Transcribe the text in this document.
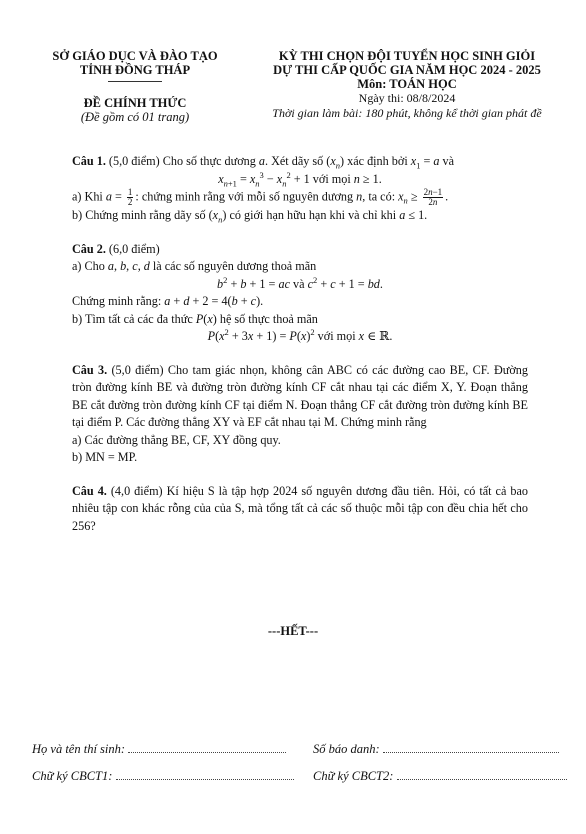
SỞ GIÁO DỤC VÀ ĐÀO TẠO
TỈNH ĐỒNG THÁP
ĐỀ CHÍNH THỨC
(Đề gồm có 01 trang)
KỲ THI CHỌN ĐỘI TUYỂN HỌC SINH GIỎI
DỰ THI CẤP QUỐC GIA NĂM HỌC 2024 - 2025
Môn: TOÁN HỌC
Ngày thi: 08/8/2024
Thời gian làm bài: 180 phút, không kể thời gian phát đề

Câu 1. (5,0 điểm) Cho số thực dương a. Xét dãy số $(x_n)$ xác định bởi $x_1 = a$ và

$x_{n+1} = x_n^3 - x_n^2 + 1$ với mọi n ≥ 1.

a) Khi $a = \frac{1}{2}$ : chứng minh rằng với mỗi số nguyên dương n, ta có: $x_n \ge \frac{2n-1}{2n}$ .

b) Chứng minh rằng dãy số $(x_n)$ có giới hạn hữu hạn khi và chỉ khi a ≤ 1.

Câu 2. (6,0 điểm)

a) Cho a, b, c, d là các số nguyên dương thoả mãn

$b^2 + b + 1$ = ac và $c^2 + c + 1$ = bd.

Chứng minh rằng: a + d + 2 = 4(b + c).

b) Tìm tất cả các đa thức P(x) hệ số thực thoả mãn

$P(x^2 + 3x + 1) = P(x)^2$ với mọi x ∈ ℝ.

Câu 3. (5,0 điểm) Cho tam giác nhọn, không cân ABC có các đường cao BE, CF. Đường tròn đường kính BE và đường tròn đường kính CF cắt nhau tại các điểm X, Y. Đoạn thẳng BE cắt đường tròn đường kính CF tại điểm N. Đoạn thẳng CF cắt đường tròn đường kính BE tại điểm P. Các đường thẳng XY và EF cắt nhau tại M. Chứng minh rằng

a) Các đường thẳng BE, CF, XY đồng quy.

b) MN = MP.

Câu 4. (4,0 điểm) Kí hiệu S là tập hợp 2024 số nguyên dương đầu tiên. Hỏi, có tất cả bao nhiêu tập con khác rỗng của của S, mà tổng tất cả các số thuộc mỗi tập con đều chia hết cho 256?

---HẾT---
Họ và tên thí sinh:	Số báo danh:
Chữ ký CBCT1:	Chữ ký CBCT2:
